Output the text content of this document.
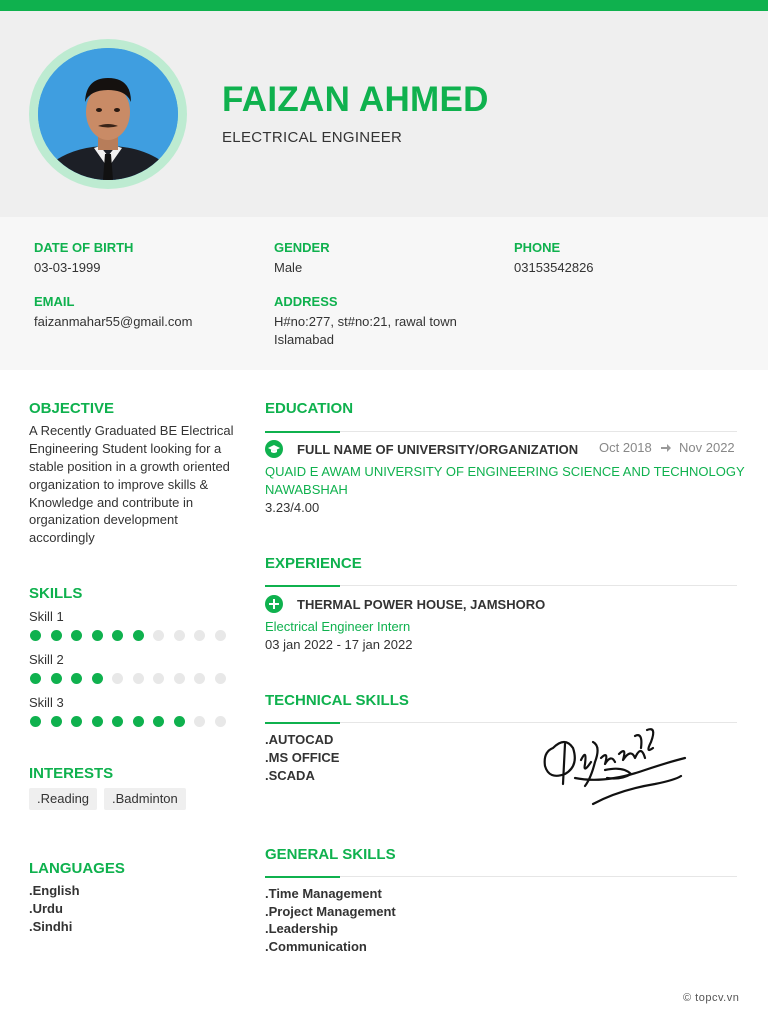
FAIZAN AHMED
ELECTRICAL ENGINEER
DATE OF BIRTH
03-03-1999
GENDER
Male
PHONE
03153542826
EMAIL
faizanmahar55@gmail.com
ADDRESS
H#no:277, st#no:21, rawal town
Islamabad
OBJECTIVE
A Recently Graduated BE Electrical
Engineering Student looking for a
stable position in a growth oriented
organization to improve skills &
Knowledge and contribute in
organization development
accordingly
SKILLS
Skill 1
Skill 2
Skill 3
INTERESTS
.Reading	.Badminton
LANGUAGES
.English
.Urdu
.Sindhi
EDUCATION
FULL NAME OF UNIVERSITY/ORGANIZATION Oct 2018 Nov 2022
QUAID E AWAM UNIVERSITY OF ENGINEERING SCIENCE AND TECHNOLOGY
NAWABSHAH
3.23/4.00
EXPERIENCE
THERMAL POWER HOUSE, JAMSHORO
Electrical Engineer Intern
03 jan 2022 - 17 jan 2022
TECHNICAL SKILLS
.AUTOCAD
.MS OFFICE
.SCADA
GENERAL SKILLS
.Time Management
.Project Management
.Leadership
.Communication
© topcv.vn
